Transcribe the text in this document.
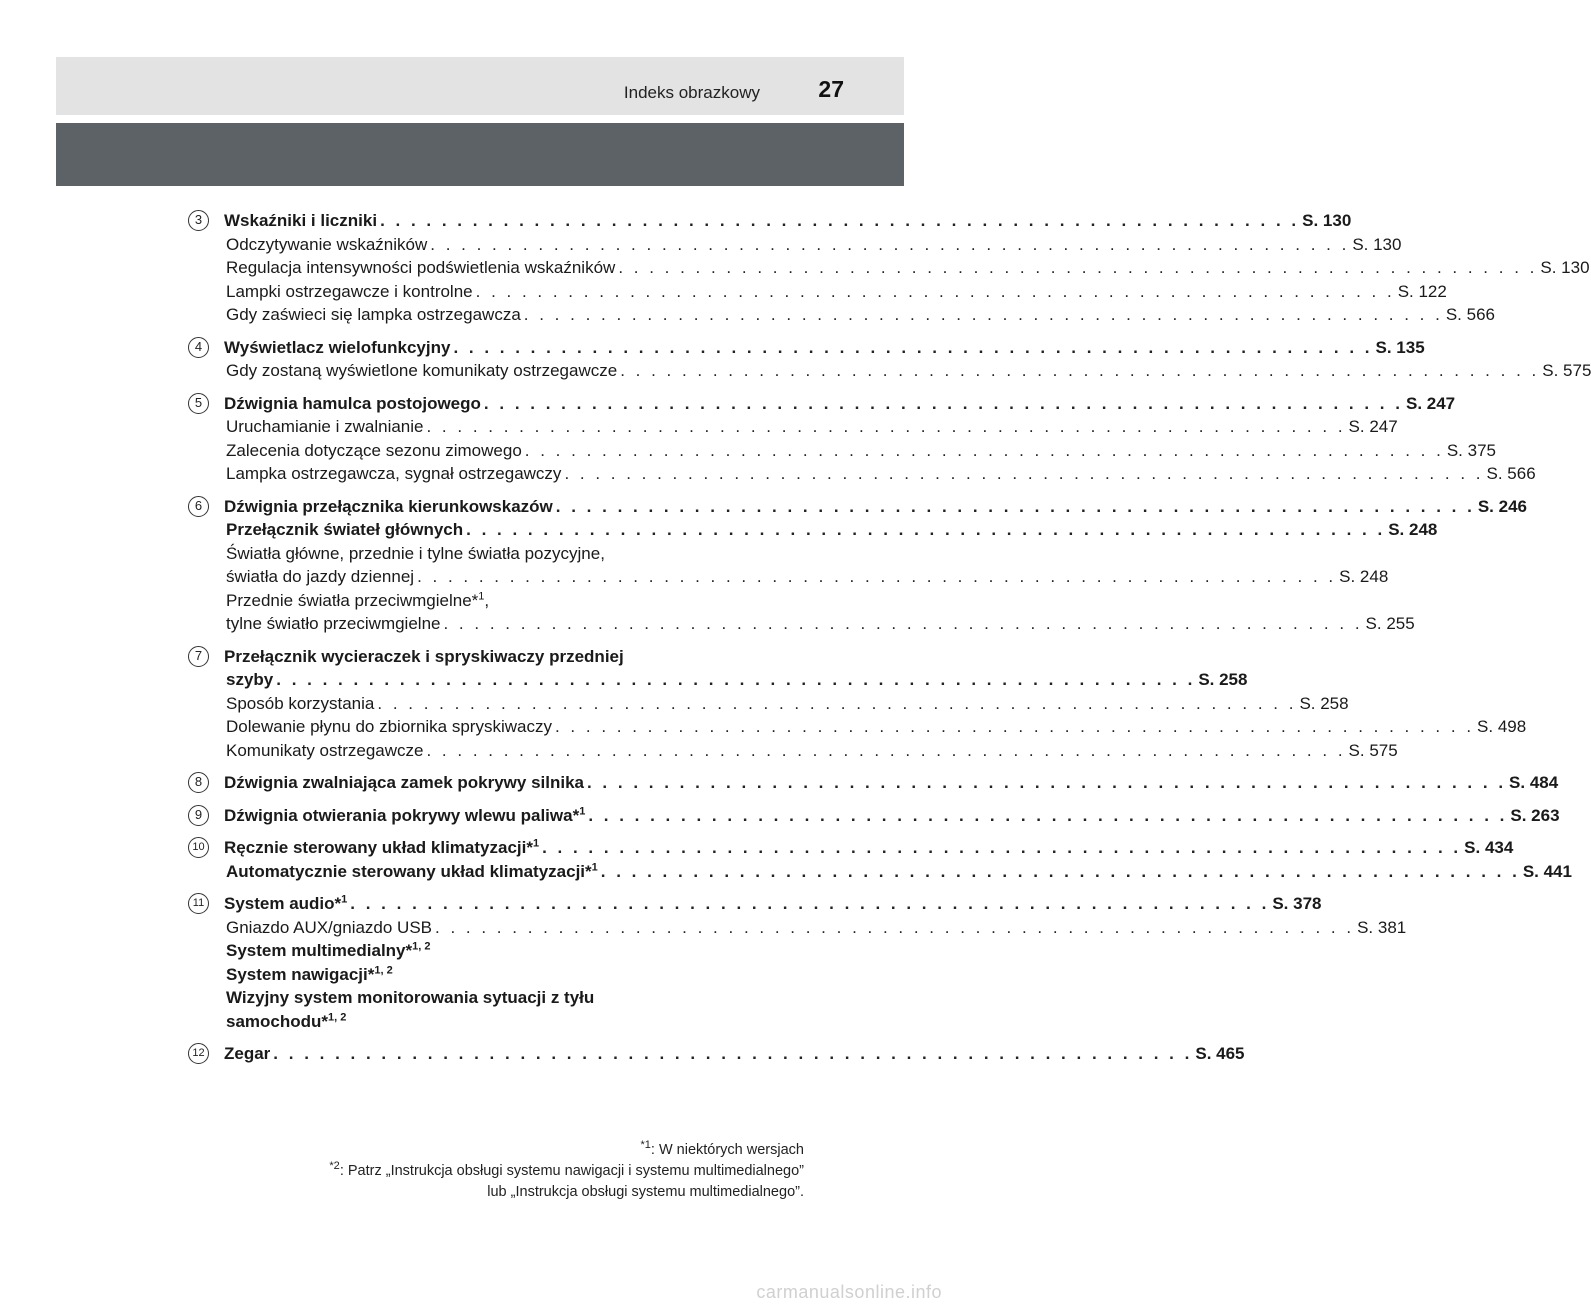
Indeks obrazkowy	27
3	Wskaźniki i liczniki . . . . . . . . . . . . . . . . . . . . . . . . . . . . . . . . . . . . . . . . . . . . . . . . . . . . . . . . . . . . S. 130
Odczytywanie wskaźników . . . . . . . . . . . . . . . . . . . . . . . . . . . . . . . . . . . . . . . . . . . . . . . . . . . . . . . . . . . . S. 130
Regulacja intensywności podświetlenia wskaźników . . . . . . . . . . . . . . . . . . . . . . . . . . . . . . . . . . . . . . . . . . . . . . . . . . . . . . . . . . . . S. 130
Lampki ostrzegawcze i kontrolne . . . . . . . . . . . . . . . . . . . . . . . . . . . . . . . . . . . . . . . . . . . . . . . . . . . . . . . . . . . . S. 122
Gdy zaświeci się lampka ostrzegawcza . . . . . . . . . . . . . . . . . . . . . . . . . . . . . . . . . . . . . . . . . . . . . . . . . . . . . . . . . . . . S. 566
4	Wyświetlacz wielofunkcyjny . . . . . . . . . . . . . . . . . . . . . . . . . . . . . . . . . . . . . . . . . . . . . . . . . . . . . . . . . . . . S. 135
Gdy zostaną wyświetlone komunikaty ostrzegawcze . . . . . . . . . . . . . . . . . . . . . . . . . . . . . . . . . . . . . . . . . . . . . . . . . . . . . . . . . . . . S. 575
5	Dźwignia hamulca postojowego . . . . . . . . . . . . . . . . . . . . . . . . . . . . . . . . . . . . . . . . . . . . . . . . . . . . . . . . . . . . S. 247
Uruchamianie i zwalnianie . . . . . . . . . . . . . . . . . . . . . . . . . . . . . . . . . . . . . . . . . . . . . . . . . . . . . . . . . . . . S. 247
Zalecenia dotyczące sezonu zimowego . . . . . . . . . . . . . . . . . . . . . . . . . . . . . . . . . . . . . . . . . . . . . . . . . . . . . . . . . . . . S. 375
Lampka ostrzegawcza, sygnał ostrzegawczy . . . . . . . . . . . . . . . . . . . . . . . . . . . . . . . . . . . . . . . . . . . . . . . . . . . . . . . . . . . . S. 566
6	Dźwignia przełącznika kierunkowskazów . . . . . . . . . . . . . . . . . . . . . . . . . . . . . . . . . . . . . . . . . . . . . . . . . . . . . . . . . . . . S. 246
Przełącznik świateł głównych . . . . . . . . . . . . . . . . . . . . . . . . . . . . . . . . . . . . . . . . . . . . . . . . . . . . . . . . . . . . S. 248
Światła główne, przednie i tylne światła pozycyjne,
światła do jazdy dziennej . . . . . . . . . . . . . . . . . . . . . . . . . . . . . . . . . . . . . . . . . . . . . . . . . . . . . . . . . . . . S. 248
Przednie światła przeciwmgielne*$^1$,
tylne światło przeciwmgielne . . . . . . . . . . . . . . . . . . . . . . . . . . . . . . . . . . . . . . . . . . . . . . . . . . . . . . . . . . . . S. 255
7	Przełącznik wycieraczek i spryskiwaczy przedniej
szyby . . . . . . . . . . . . . . . . . . . . . . . . . . . . . . . . . . . . . . . . . . . . . . . . . . . . . . . . . . . . S. 258
Sposób korzystania . . . . . . . . . . . . . . . . . . . . . . . . . . . . . . . . . . . . . . . . . . . . . . . . . . . . . . . . . . . . S. 258
Dolewanie płynu do zbiornika spryskiwaczy . . . . . . . . . . . . . . . . . . . . . . . . . . . . . . . . . . . . . . . . . . . . . . . . . . . . . . . . . . . . S. 498
Komunikaty ostrzegawcze . . . . . . . . . . . . . . . . . . . . . . . . . . . . . . . . . . . . . . . . . . . . . . . . . . . . . . . . . . . . S. 575
8	Dźwignia zwalniająca zamek pokrywy silnika . . . . . . . . . . . . . . . . . . . . . . . . . . . . . . . . . . . . . . . . . . . . . . . . . . . . . . . . . . . . S. 484
9	Dźwignia otwierania pokrywy wlewu paliwa*$^1$ . . . . . . . . . . . . . . . . . . . . . . . . . . . . . . . . . . . . . . . . . . . . . . . . . . . . . . . . . . . . S. 263
10 Ręcznie sterowany układ klimatyzacji*$^1$ . . . . . . . . . . . . . . . . . . . . . . . . . . . . . . . . . . . . . . . . . . . . . . . . . . . . . . . . . . . . S. 434
Automatycznie sterowany układ klimatyzacji*$^1$ . . . . . . . . . . . . . . . . . . . . . . . . . . . . . . . . . . . . . . . . . . . . . . . . . . . . . . . . . . . . S. 441
11 System audio*$^1$ . . . . . . . . . . . . . . . . . . . . . . . . . . . . . . . . . . . . . . . . . . . . . . . . . . . . . . . . . . . . S. 378
Gniazdo AUX/gniazdo USB . . . . . . . . . . . . . . . . . . . . . . . . . . . . . . . . . . . . . . . . . . . . . . . . . . . . . . . . . . . . S. 381
System multimedialny*$^{1, 2}$
System nawigacji*$^{1, 2}$
Wizyjny system monitorowania sytuacji z tyłu
samochodu*$^{1, 2}$
12 Zegar . . . . . . . . . . . . . . . . . . . . . . . . . . . . . . . . . . . . . . . . . . . . . . . . . . . . . . . . . . . . S. 465
$^{*1}$: W niektórych wersjach
$^{*2}$: Patrz „Instrukcja obsługi systemu nawigacji i systemu multimedialnego”
lub „Instrukcja obsługi systemu multimedialnego”.
carmanualsonline.info
